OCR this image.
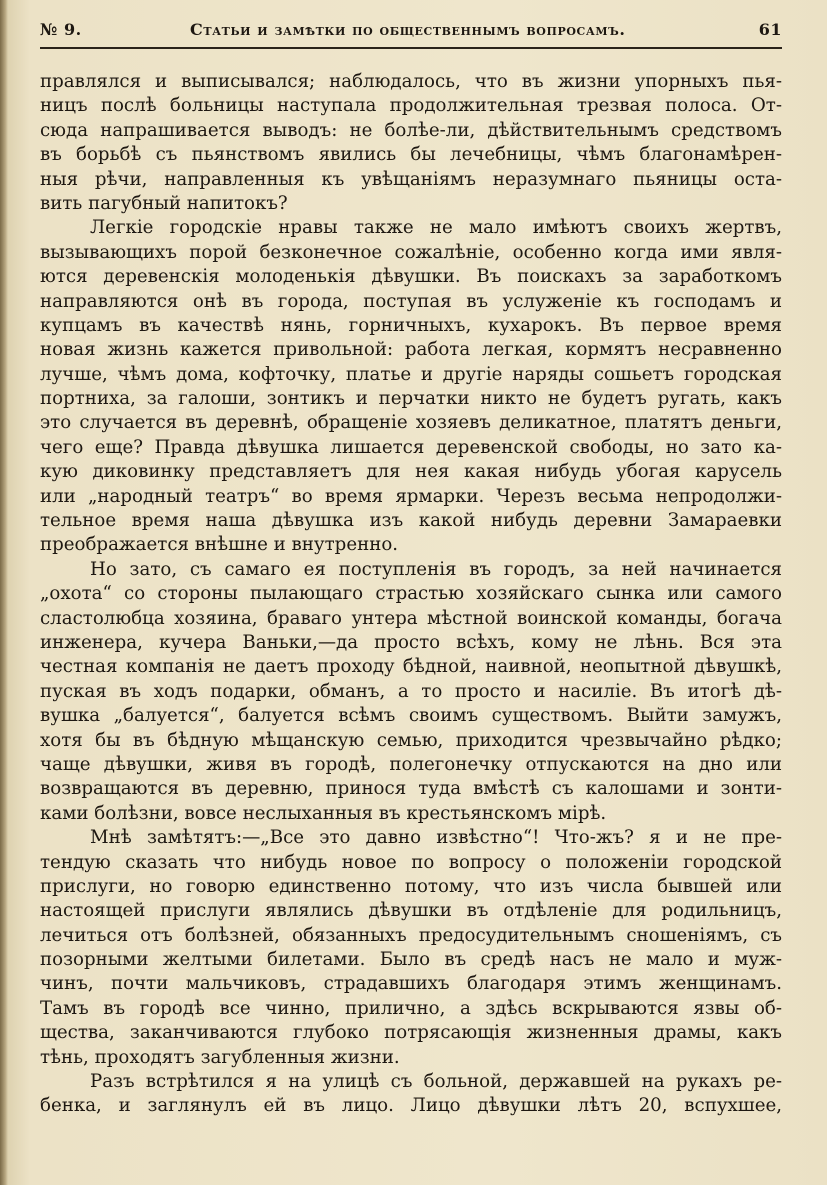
№ 9.	Статьи и замѣтки по общественнымъ вопросамъ.	61
правлялся и выписывался; наблюдалось, что въ жизни упорныхъ пья-
ницъ послѣ больницы наступала продолжительная трезвая полоса. От-
сюда напрашивается выводъ: не болѣе-ли, дѣйствительнымъ средствомъ
въ борьбѣ съ пьянствомъ явились бы лечебницы, чѣмъ благонамѣрен-
ныя рѣчи, направленныя къ увѣщаніямъ неразумнаго пьяницы оста-
вить пагубный напитокъ?
Легкіе городскіе нравы также не мало имѣютъ своихъ жертвъ,
вызывающихъ порой безконечное сожалѣніе, особенно когда ими явля-
ются деревенскія молоденькія дѣвушки. Въ поискахъ за заработкомъ
направляются онѣ въ города, поступая въ услуженіе къ господамъ и
купцамъ въ качествѣ нянь, горничныхъ, кухарокъ. Въ первое время
новая жизнь кажется привольной: работа легкая, кормятъ несравненно
лучше, чѣмъ дома, кофточку, платье и другіе наряды сошьетъ городская
портниха, за галоши, зонтикъ и перчатки никто не будетъ ругать, какъ
это случается въ деревнѣ, обращеніе хозяевъ деликатное, платятъ деньги,
чего еще? Правда дѣвушка лишается деревенской свободы, но зато ка-
кую диковинку представляетъ для нея какая нибудь убогая карусель
или „народный театръ“ во время ярмарки. Черезъ весьма непродолжи-
тельное время наша дѣвушка изъ какой нибудь деревни Замараевки
преображается внѣшне и внутренно.
Но зато, съ самаго ея поступленія въ городъ, за ней начинается
„охота“ со стороны пылающаго страстью хозяйскаго сынка или самого
сластолюбца хозяина, браваго унтера мѣстной воинской команды, богача
инженера, кучера Ваньки,—да просто всѣхъ, кому не лѣнь. Вся эта
честная компанія не даетъ проходу бѣдной, наивной, неопытной дѣвушкѣ,
пуская въ ходъ подарки, обманъ, а то просто и насиліе. Въ итогѣ дѣ-
вушка „балуется“, балуется всѣмъ своимъ существомъ. Выйти замужъ,
хотя бы въ бѣдную мѣщанскую семью, приходится чрезвычайно рѣдко;
чаще дѣвушки, живя въ городѣ, полегонечку отпускаются на дно или
возвращаются въ деревню, принося туда вмѣстѣ съ калошами и зонти-
ками болѣзни, вовсе неслыханныя въ крестьянскомъ мірѣ.
Мнѣ замѣтятъ:—„Все это давно извѣстно“! Что-жъ? я и не пре-
тендую сказать что нибудь новое по вопросу о положеніи городской
прислуги, но говорю единственно потому, что изъ числа бывшей или
настоящей прислуги являлись дѣвушки въ отдѣленіе для родильницъ,
лечиться отъ болѣзней, обязанныхъ предосудительнымъ сношеніямъ, съ
позорными желтыми билетами. Было въ средѣ насъ не мало и муж-
чинъ, почти мальчиковъ, страдавшихъ благодаря этимъ женщинамъ.
Тамъ въ городѣ все чинно, прилично, а здѣсь вскрываются язвы об-
щества, заканчиваются глубоко потрясающія жизненныя драмы, какъ
тѣнь, проходятъ загубленныя жизни.
Разъ встрѣтился я на улицѣ съ больной, державшей на рукахъ ре-
бенка, и заглянулъ ей въ лицо. Лицо дѣвушки лѣтъ 20, вспухшее,
